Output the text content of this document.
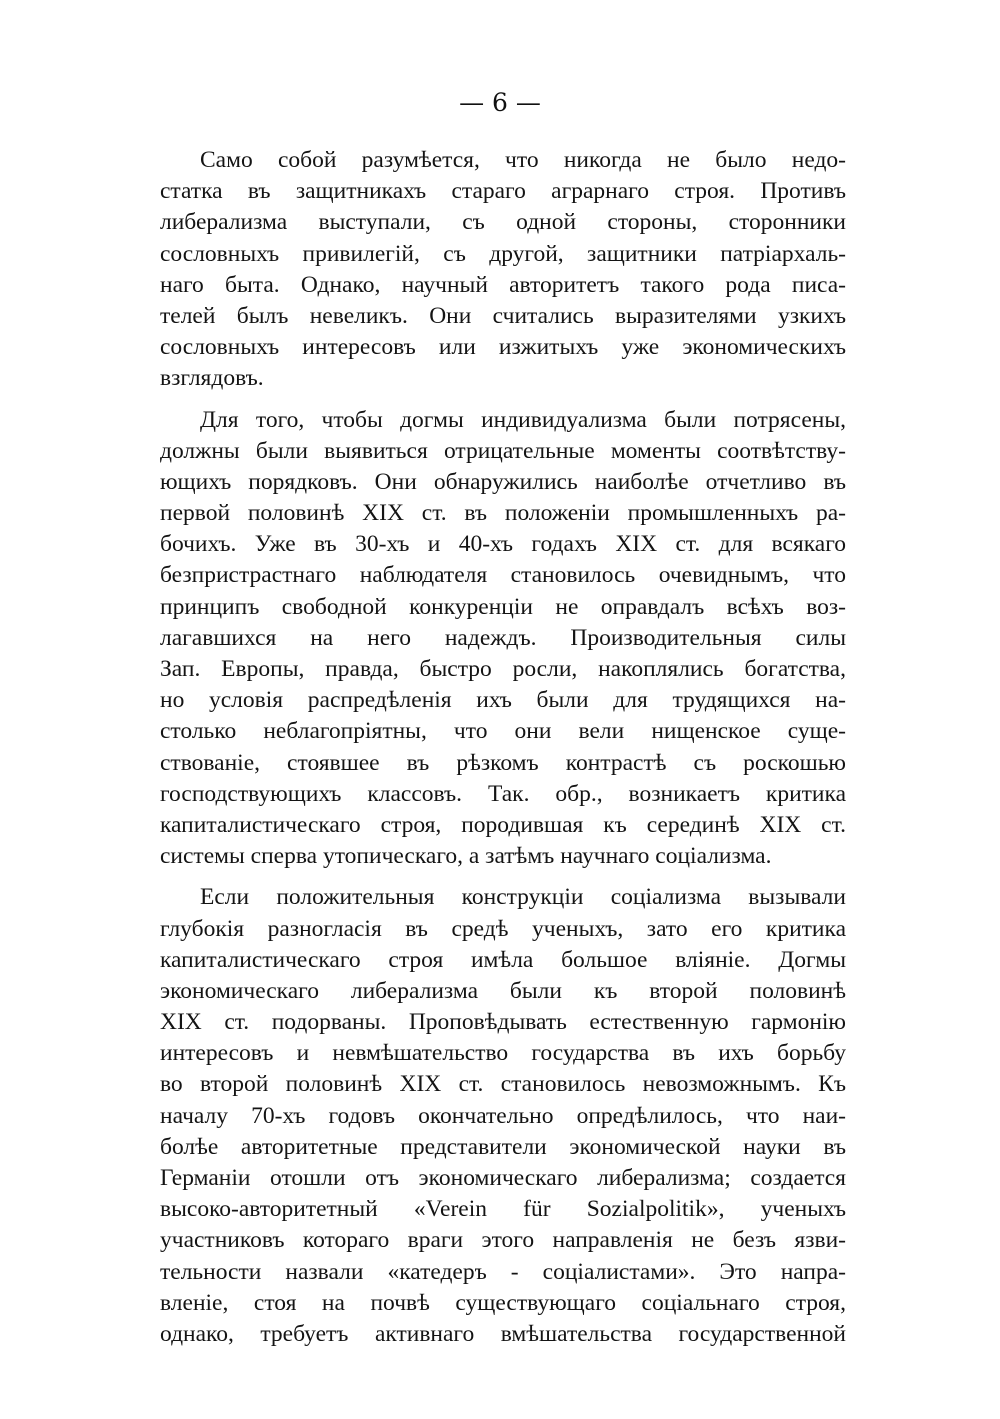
— 6 —
Само собой разумѣется, что никогда не было недо-
статка въ защитникахъ стараго аграрнаго строя. Противъ
либерализма выступали, съ одной стороны, сторонники
сословныхъ привилегій, съ другой, защитники патріархаль-
наго быта. Однако, научный авторитетъ такого рода писа-
телей былъ невеликъ. Они считались выразителями узкихъ
сословныхъ интересовъ или изжитыхъ уже экономическихъ
взглядовъ.
Для того, чтобы догмы индивидуализма были потрясены,
должны были выявиться отрицательные моменты соотвѣтству-
ющихъ порядковъ. Они обнаружились наиболѣе отчетливо въ
первой половинѣ XIX ст. въ положеніи промышленныхъ ра-
бочихъ. Уже въ 30-хъ и 40-хъ годахъ XIX ст. для всякаго
безпристрастнаго наблюдателя становилось очевиднымъ, что
принципъ свободной конкуренціи не оправдалъ всѣхъ воз-
лагавшихся на него надеждъ. Производительныя силы
Зап. Европы, правда, быстро росли, накоплялись богатства,
но условія распредѣленія ихъ были для трудящихся на-
столько неблагопріятны, что они вели нищенское суще-
ствованіе, стоявшее въ рѣзкомъ контрастѣ съ роскошью
господствующихъ классовъ. Так. обр., возникаетъ критика
капиталистическаго строя, породившая къ серединѣ XIX ст.
системы сперва утопическаго, а затѣмъ научнаго соціализма.
Если положительныя конструкціи соціализма вызывали
глубокія разногласія въ средѣ ученыхъ, зато его критика
капиталистическаго строя имѣла большое вліяніе. Догмы
экономическаго либерализма были къ второй половинѣ
XIX ст. подорваны. Проповѣдывать естественную гармонію
интересовъ и невмѣшательство государства въ ихъ борьбу
во второй половинѣ XIX ст. становилось невозможнымъ. Къ
началу 70-хъ годовъ окончательно опредѣлилось, что наи-
болѣе авторитетные представители экономической науки въ
Германіи отошли отъ экономическаго либерализма; создается
высоко-авторитетный «Verein für Sozialpolitik», ученыхъ
участниковъ котораго враги этого направленія не безъ язви-
тельности назвали «катедеръ - соціалистами». Это напра-
вленіе, стоя на почвѣ существующаго соціальнаго строя,
однако, требуетъ активнаго вмѣшательства государственной
